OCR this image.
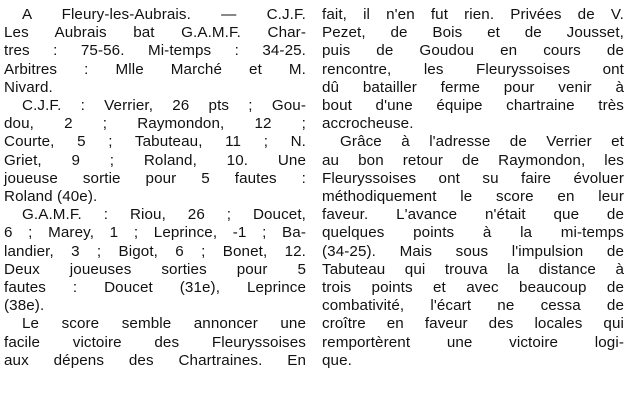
A Fleury-les-Aubrais. — C.J.F.
Les Aubrais bat G.A.M.F. Char-
tres : 75-56. Mi-temps : 34-25.
Arbitres : Mlle Marché et M.
Nivard.
C.J.F. : Verrier, 26 pts ; Gou-
dou, 2 ; Raymondon, 12 ;
Courte, 5 ; Tabuteau, 11 ; N.
Griet, 9 ; Roland, 10. Une
joueuse sortie pour 5 fautes :
Roland (40e).
G.A.M.F. : Riou, 26 ; Doucet,
6 ; Marey, 1 ; Leprince, -1 ; Ba-
landier, 3 ; Bigot, 6 ; Bonet, 12.
Deux joueuses sorties pour 5
fautes : Doucet (31e), Leprince
(38e).
Le score semble annoncer une
facile victoire des Fleuryssoises
aux dépens des Chartraines. En
fait, il n'en fut rien. Privées de V.
Pezet, de Bois et de Jousset,
puis de Goudou en cours de
rencontre, les Fleuryssoises ont
dû batailler ferme pour venir à
bout d'une équipe chartraine très
accrocheuse.
Grâce à l'adresse de Verrier et
au bon retour de Raymondon, les
Fleuryssoises ont su faire évoluer
méthodiquement le score en leur
faveur. L'avance n'était que de
quelques points à la mi-temps
(34-25). Mais sous l'impulsion de
Tabuteau qui trouva la distance à
trois points et avec beaucoup de
combativité, l'écart ne cessa de
croître en faveur des locales qui
remportèrent une victoire logi-
que.
